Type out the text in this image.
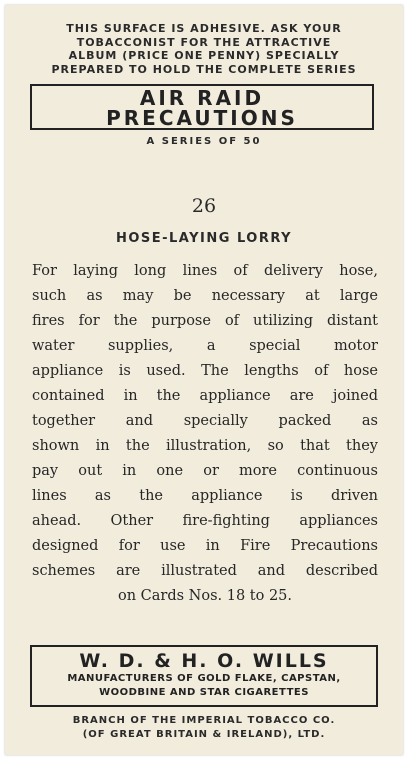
THIS SURFACE IS ADHESIVE. ASK YOUR
TOBACCONIST FOR THE ATTRACTIVE
ALBUM (PRICE ONE PENNY) SPECIALLY
PREPARED TO HOLD THE COMPLETE SERIES
AIR RAID
PRECAUTIONS
A SERIES OF 50
26
HOSE-LAYING LORRY
For laying long lines of delivery hose,
such as may be necessary at large
fires for the purpose of utilizing distant
water supplies, a special motor
appliance is used. The lengths of hose
contained in the appliance are joined
together and specially packed as
shown in the illustration, so that they
pay out in one or more continuous
lines as the appliance is driven
ahead. Other fire-fighting appliances
designed for use in Fire Precautions
schemes are illustrated and described
on Cards Nos. 18 to 25.
W. D. & H. O. WILLS
MANUFACTURERS OF GOLD FLAKE, CAPSTAN,
WOODBINE AND STAR CIGARETTES
BRANCH OF THE IMPERIAL TOBACCO CO.
(OF GREAT BRITAIN & IRELAND), LTD.
